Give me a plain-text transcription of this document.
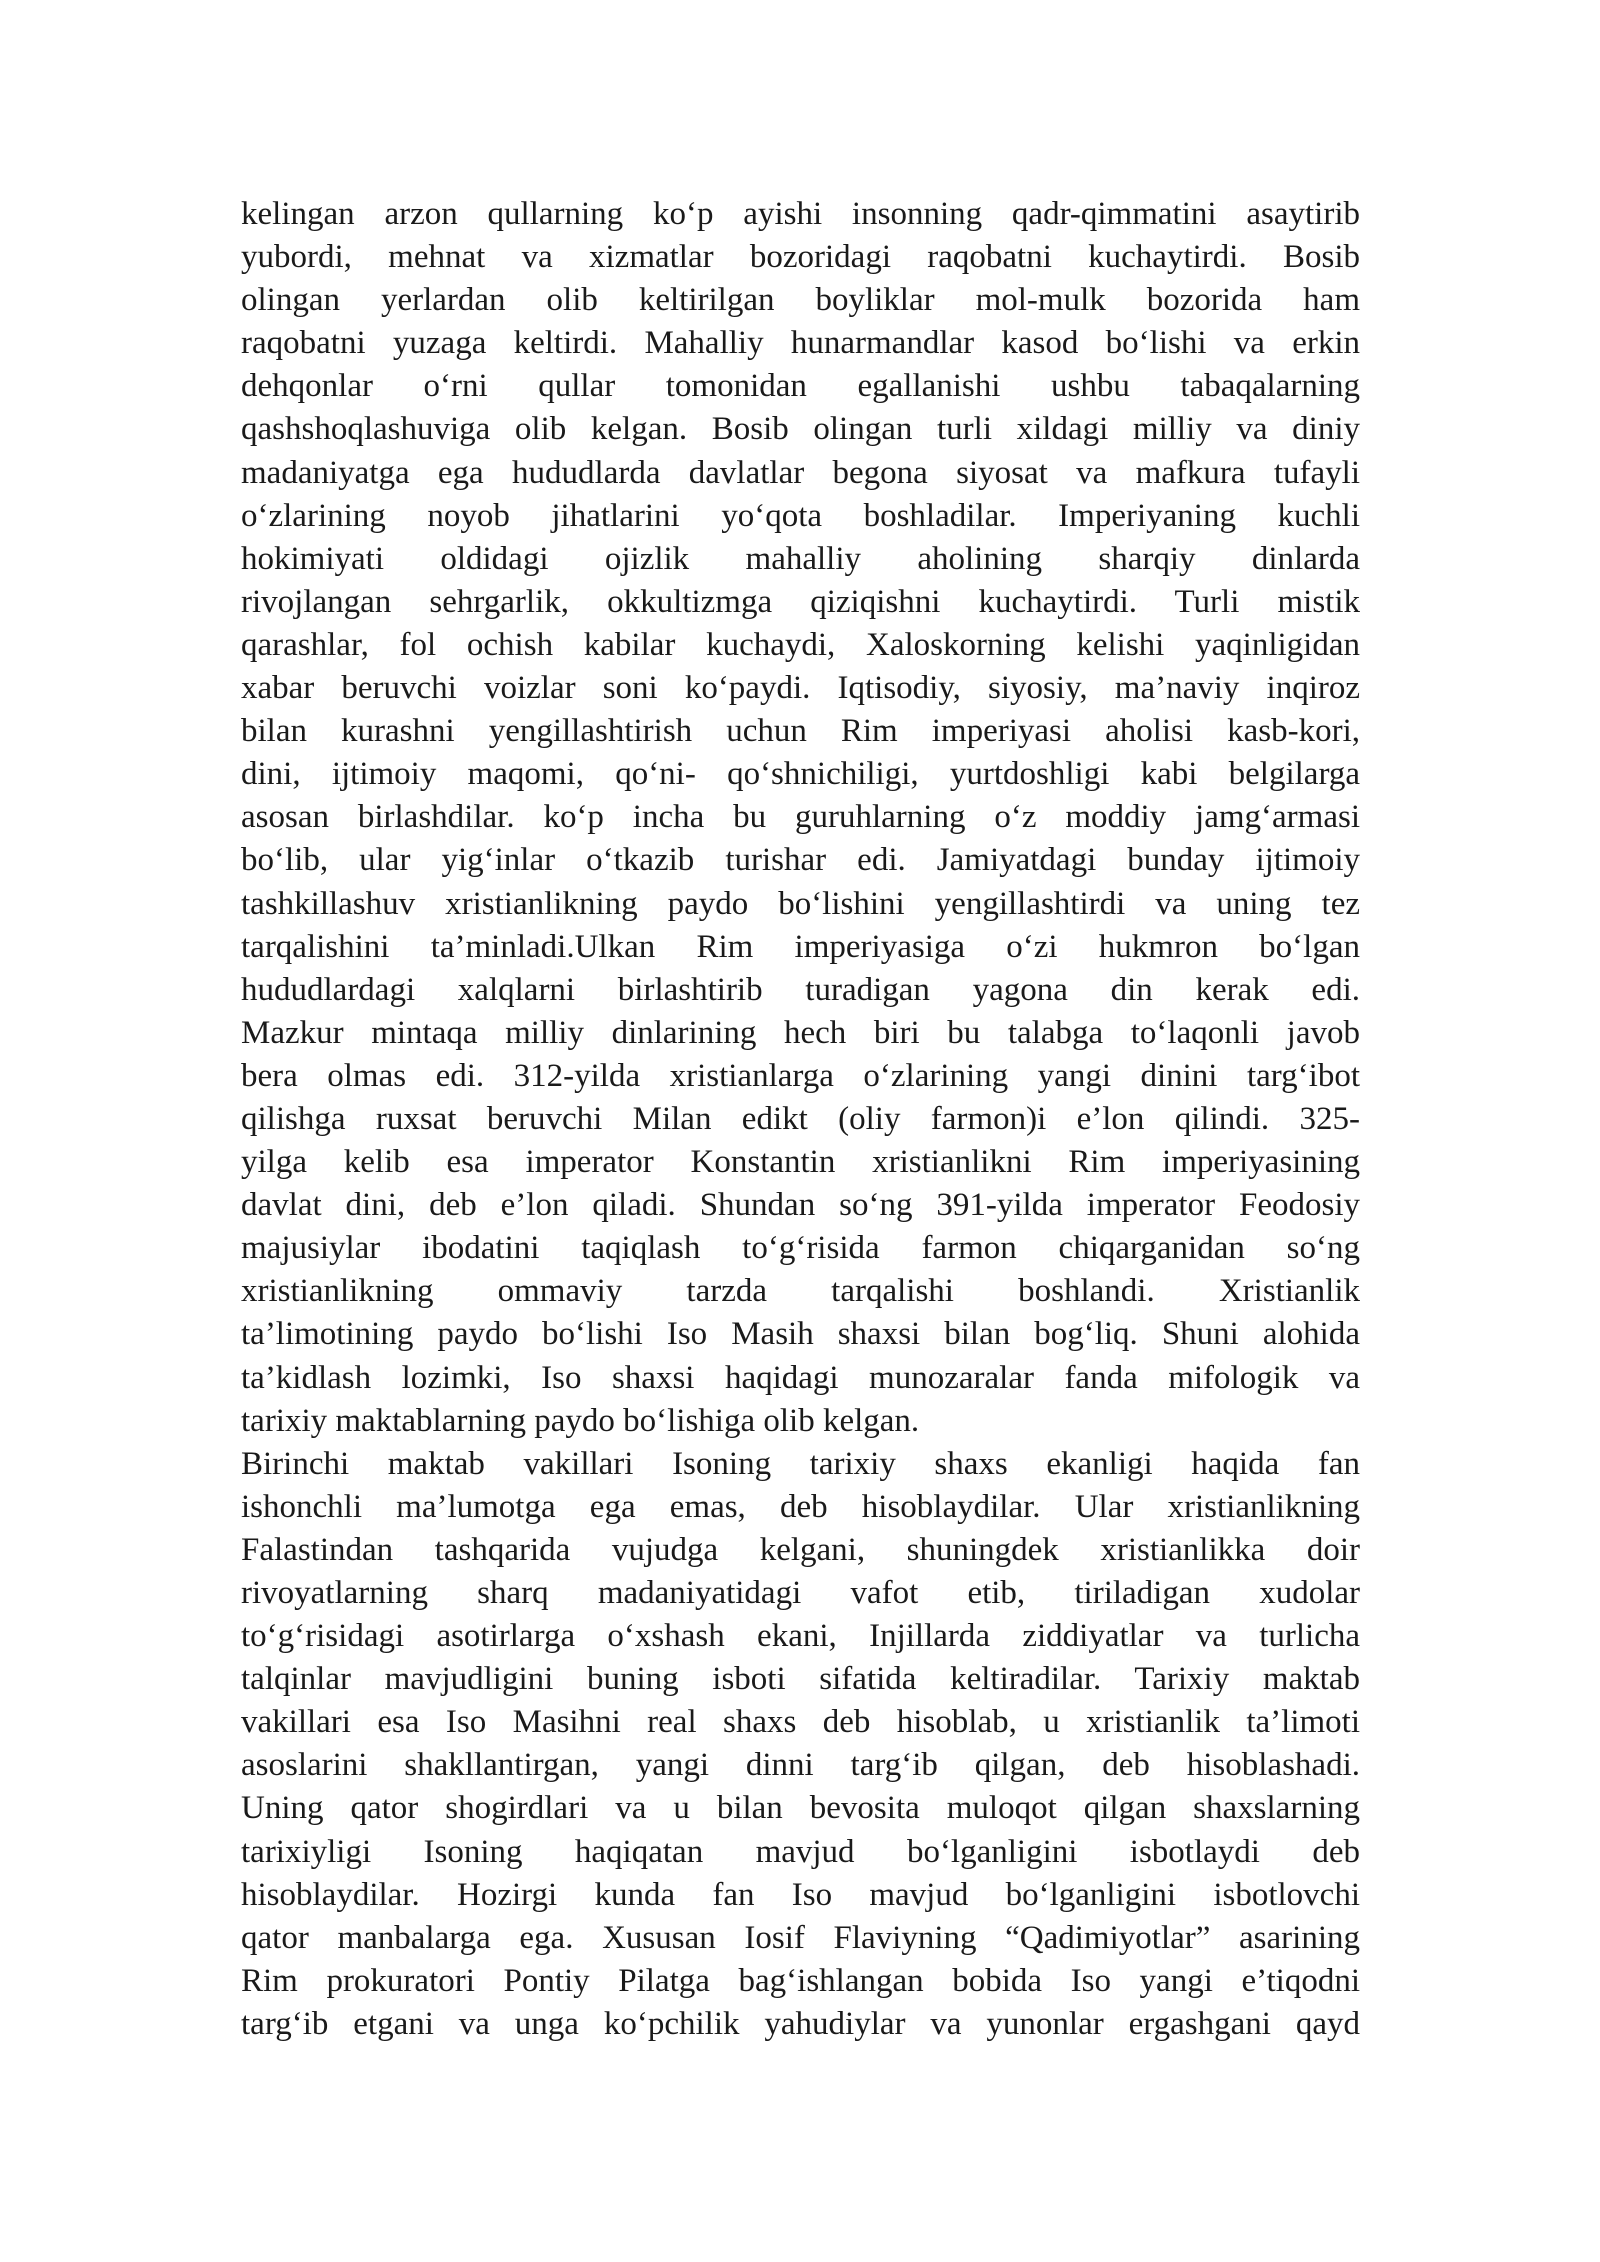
kelingan arzon qullarning ko‘p ayishi insonning qadr-qimmatini asaytirib
yubordi, mehnat va xizmatlar bozoridagi raqobatni kuchaytirdi. Bosib
olingan yerlardan olib keltirilgan boyliklar mol-mulk bozorida ham
raqobatni yuzaga keltirdi. Mahalliy hunarmandlar kasod bo‘lishi va erkin
dehqonlar o‘rni qullar tomonidan egallanishi ushbu tabaqalarning
qashshoqlashuviga olib kelgan. Bosib olingan turli xildagi milliy va diniy
madaniyatga ega hududlarda davlatlar begona siyosat va mafkura tufayli
o‘zlarining noyob jihatlarini yo‘qota boshladilar. Imperiyaning kuchli
hokimiyati oldidagi ojizlik mahalliy aholining sharqiy dinlarda
rivojlangan sehrgarlik, okkultizmga qiziqishni kuchaytirdi. Turli mistik
qarashlar, fol ochish kabilar kuchaydi, Xaloskorning kelishi yaqinligidan
xabar beruvchi voizlar soni ko‘paydi. Iqtisodiy, siyosiy, ma’naviy inqiroz
bilan kurashni yengillashtirish uchun Rim imperiyasi aholisi kasb-kori,
dini, ijtimoiy maqomi, qo‘ni- qo‘shnichiligi, yurtdoshligi kabi belgilarga
asosan birlashdilar. ko‘p incha bu guruhlarning o‘z moddiy jamg‘armasi
bo‘lib, ular yig‘inlar o‘tkazib turishar edi. Jamiyatdagi bunday ijtimoiy
tashkillashuv xristianlikning paydo bo‘lishini yengillashtirdi va uning tez
tarqalishini ta’minladi.Ulkan Rim imperiyasiga o‘zi hukmron bo‘lgan
hududlardagi xalqlarni birlashtirib turadigan yagona din kerak edi.
Mazkur mintaqa milliy dinlarining hech biri bu talabga to‘laqonli javob
bera olmas edi. 312-yilda xristianlarga o‘zlarining yangi dinini targ‘ibot
qilishga ruxsat beruvchi Milan edikt (oliy farmon)i e’lon qilindi. 325-
yilga kelib esa imperator Konstantin xristianlikni Rim imperiyasining
davlat dini, deb e’lon qiladi. Shundan so‘ng 391-yilda imperator Feodosiy
majusiylar ibodatini taqiqlash to‘g‘risida farmon chiqarganidan so‘ng
xristianlikning ommaviy tarzda tarqalishi boshlandi. Xristianlik
ta’limotining paydo bo‘lishi Iso Masih shaxsi bilan bog‘liq. Shuni alohida
ta’kidlash lozimki, Iso shaxsi haqidagi munozaralar fanda mifologik va
tarixiy maktablarning paydo bo‘lishiga olib kelgan.
Birinchi maktab vakillari Isoning tarixiy shaxs ekanligi haqida fan
ishonchli ma’lumotga ega emas, deb hisoblaydilar. Ular xristianlikning
Falastindan tashqarida vujudga kelgani, shuningdek xristianlikka doir
rivoyatlarning sharq madaniyatidagi vafot etib, tiriladigan xudolar
to‘g‘risidagi asotirlarga o‘xshash ekani, Injillarda ziddiyatlar va turlicha
talqinlar mavjudligini buning isboti sifatida keltiradilar. Tarixiy maktab
vakillari esa Iso Masihni real shaxs deb hisoblab, u xristianlik ta’limoti
asoslarini shakllantirgan, yangi dinni targ‘ib qilgan, deb hisoblashadi.
Uning qator shogirdlari va u bilan bevosita muloqot qilgan shaxslarning
tarixiyligi Isoning haqiqatan mavjud bo‘lganligini isbotlaydi deb
hisoblaydilar. Hozirgi kunda fan Iso mavjud bo‘lganligini isbotlovchi
qator manbalarga ega. Xususan Iosif Flaviyning “Qadimiyotlar” asarining
Rim prokuratori Pontiy Pilatga bag‘ishlangan bobida Iso yangi e’tiqodni
targ‘ib etgani va unga ko‘pchilik yahudiylar va yunonlar ergashgani qayd
